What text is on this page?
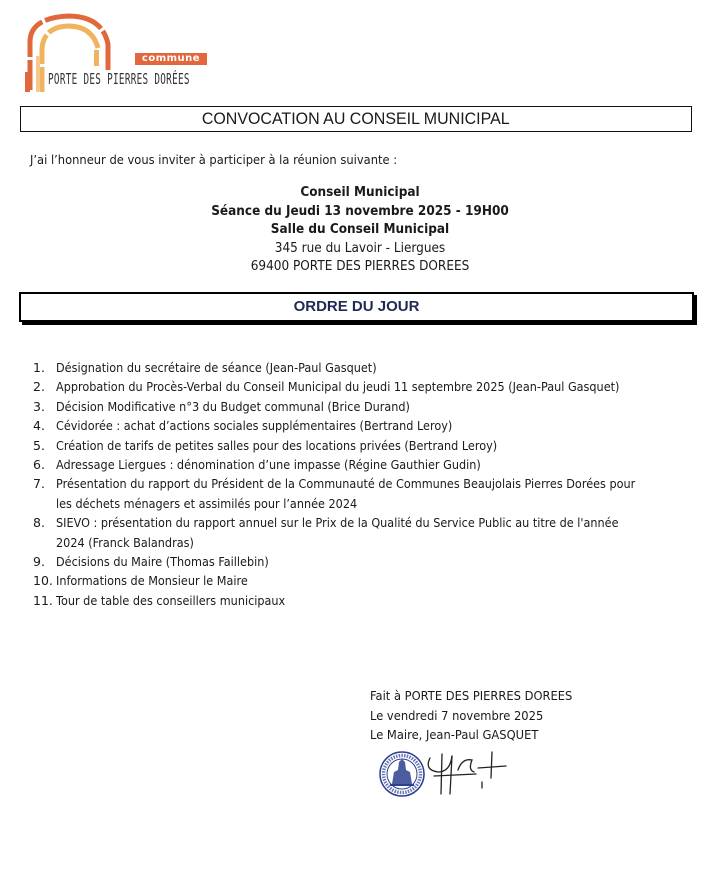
commune
PORTE DES PIERRES DORÉES
CONVOCATION AU CONSEIL MUNICIPAL
J’ai l’honneur de vous inviter à participer à la réunion suivante :
Conseil Municipal
Séance du Jeudi 13 novembre 2025 - 19H00
Salle du Conseil Municipal
345 rue du Lavoir - Liergues
69400 PORTE DES PIERRES DOREES
ORDRE DU JOUR
1. Désignation du secrétaire de séance (Jean-Paul Gasquet)
2. Approbation du Procès-Verbal du Conseil Municipal du jeudi 11 septembre 2025 (Jean-Paul Gasquet)
3. Décision Modificative n°3 du Budget communal (Brice Durand)
4. Cévidorée : achat d’actions sociales supplémentaires (Bertrand Leroy)
5. Création de tarifs de petites salles pour des locations privées (Bertrand Leroy)
6. Adressage Liergues : dénomination d’une impasse (Régine Gauthier Gudin)
7. Présentation du rapport du Président de la Communauté de Communes Beaujolais Pierres Dorées pour
les déchets ménagers et assimilés pour l’année 2024
8. SIEVO : présentation du rapport annuel sur le Prix de la Qualité du Service Public au titre de l'année
2024 (Franck Balandras)
9. Décisions du Maire (Thomas Faillebin)
10. Informations de Monsieur le Maire
11. Tour de table des conseillers municipaux
Fait à PORTE DES PIERRES DOREES
Le vendredi 7 novembre 2025
Le Maire, Jean-Paul GASQUET
